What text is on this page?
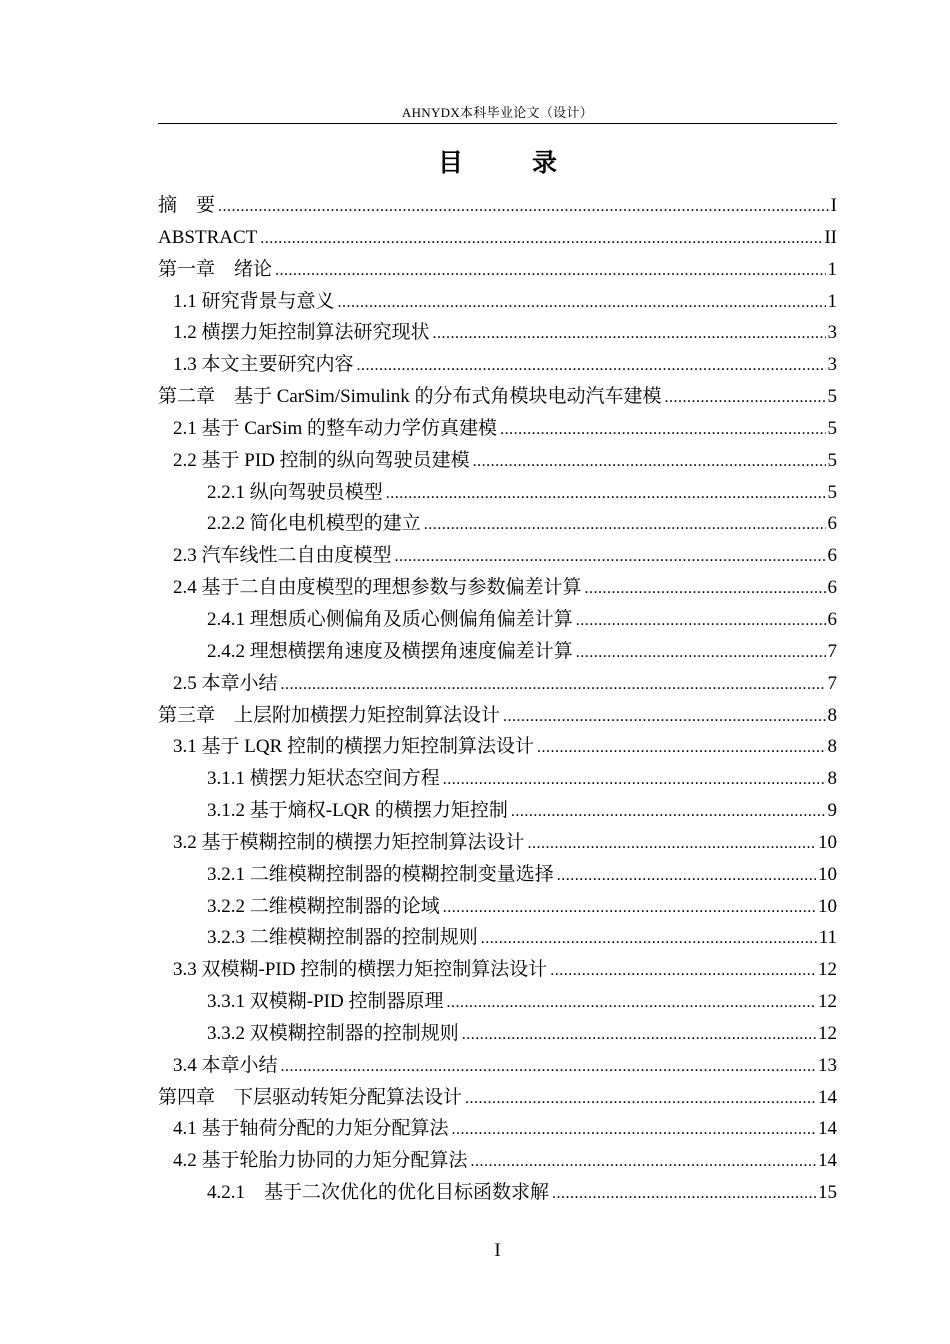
AHNYDX本科毕业论文（设计）
目　录
摘　要 .....	I
ABSTRACT .....	II
第一章　绪论 .....	1
1.1 研究背景与意义 .....	1
1.2 横摆力矩控制算法研究现状 .....	3
1.3 本文主要研究内容 .....	3
第二章　基于 CarSim/Simulink 的分布式角模块电动汽车建模 .....	5
2.1 基于 CarSim 的整车动力学仿真建模 .....	5
2.2 基于 PID 控制的纵向驾驶员建模 .....	5
2.2.1 纵向驾驶员模型 .....	5
2.2.2 简化电机模型的建立 .....	6
2.3 汽车线性二自由度模型 .....	6
2.4 基于二自由度模型的理想参数与参数偏差计算 .....	6
2.4.1 理想质心侧偏角及质心侧偏角偏差计算 .....	6
2.4.2 理想横摆角速度及横摆角速度偏差计算 .....	7
2.5 本章小结 .....	7
第三章　上层附加横摆力矩控制算法设计 .....	8
3.1 基于 LQR 控制的横摆力矩控制算法设计 .....	8
3.1.1 横摆力矩状态空间方程 .....	8
3.1.2 基于熵权-LQR 的横摆力矩控制 .....	9
3.2 基于模糊控制的横摆力矩控制算法设计 .....	10
3.2.1 二维模糊控制器的模糊控制变量选择 .....	10
3.2.2 二维模糊控制器的论域 .....	10
3.2.3 二维模糊控制器的控制规则 .....	11
3.3 双模糊-PID 控制的横摆力矩控制算法设计 .....	12
3.3.1 双模糊-PID 控制器原理 .....	12
3.3.2 双模糊控制器的控制规则 .....	12
3.4 本章小结 .....	13
第四章　下层驱动转矩分配算法设计 .....	14
4.1 基于轴荷分配的力矩分配算法 .....	14
4.2 基于轮胎力协同的力矩分配算法 .....	14
4.2.1　基于二次优化的优化目标函数求解 .....	15
I
